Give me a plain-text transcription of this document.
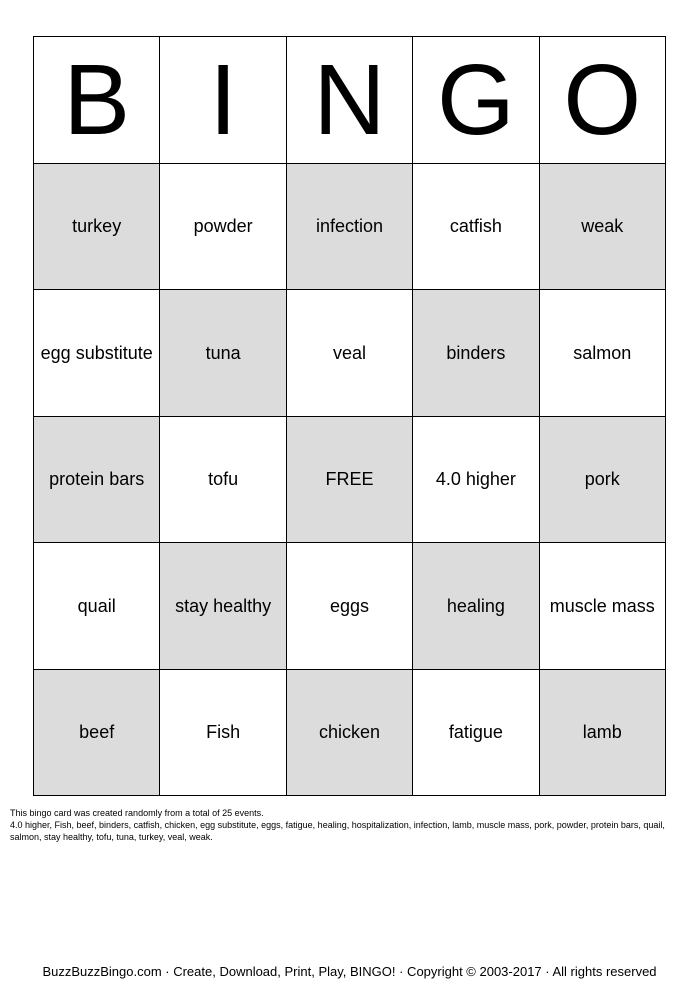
B I N G O
turkey	powder	infection	catfish	weak
egg substitute	tuna	veal	binders	salmon
protein bars	tofu	FREE	4.0 higher	pork
quail	stay healthy	eggs	healing	muscle mass
beef	Fish	chicken	fatigue	lamb

This bingo card was created randomly from a total of 25 events.

4.0 higher, Fish, beef, binders, catfish, chicken, egg substitute, eggs, fatigue, healing, hospitalization, infection, lamb, muscle mass, pork, powder, protein bars, quail, salmon, stay healthy, tofu, tuna, turkey, veal, weak.

BuzzBuzzBingo.com · Create, Download, Print, Play, BINGO! · Copyright © 2003-2017 · All rights reserved
